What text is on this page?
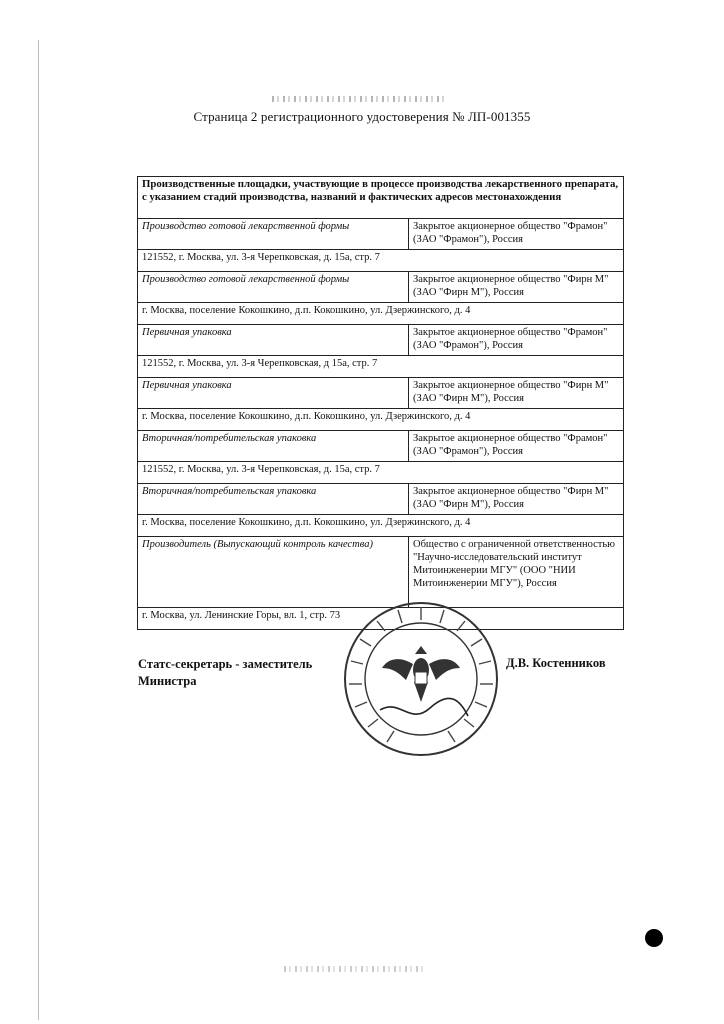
Страница 2 регистрационного удостоверения № ЛП-001355
Производственные площадки, участвующие в процессе производства лекарственного препарата, с указанием стадий производства, названий и фактических адресов местонахождения	
Производство готовой лекарственной формы	Закрытое акционерное общество "Фрамон" (ЗАО "Фрамон"), Россия
121552, г. Москва, ул. 3-я Черепковская, д. 15а, стр. 7	
Производство готовой лекарственной формы	Закрытое акционерное общество "Фирн М" (ЗАО "Фирн М"), Россия
г. Москва, поселение Кокошкино, д.п. Кокошкино, ул. Дзержинского, д. 4	
Первичная упаковка	Закрытое акционерное общество "Фрамон" (ЗАО "Фрамон"), Россия
121552, г. Москва, ул. 3-я Черепковская, д 15а, стр. 7	
Первичная упаковка	Закрытое акционерное общество "Фирн М" (ЗАО "Фирн М"), Россия
г. Москва, поселение Кокошкино, д.п. Кокошкино, ул. Дзержинского, д. 4	
Вторичная/потребительская упаковка	Закрытое акционерное общество "Фрамон" (ЗАО "Фрамон"), Россия
121552, г. Москва, ул. 3-я Черепковская, д. 15а, стр. 7	
Вторичная/потребительская упаковка	Закрытое акционерное общество "Фирн М" (ЗАО "Фирн М"), Россия
г. Москва, поселение Кокошкино, д.п. Кокошкино, ул. Дзержинского, д. 4	
Производитель (Выпускающий контроль качества)	Общество с ограниченной ответственностью "Научно-исследовательский институт Митоинженерии МГУ" (ООО "НИИ Митоинженерии МГУ"), Россия
г. Москва, ул. Ленинские Горы, вл. 1, стр. 73	
Статс-секретарь - заместитель
Министра
Д.В. Костенников
